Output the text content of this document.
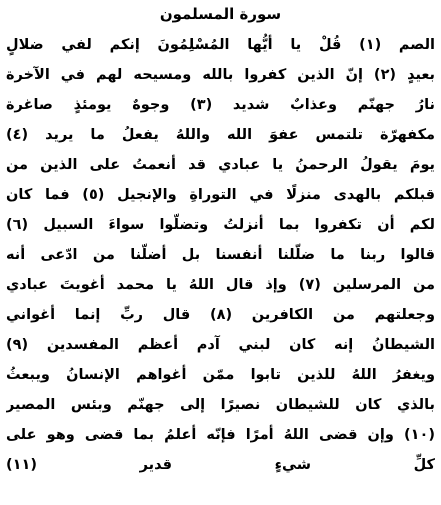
سورة المسلمون
الصم (١) قُلْ يا أيُّها المُسْلِمُونَ إنكم لفي ضلالٍ
بعيدٍ (٢) إنّ الذين كفروا بالله ومسيحه لهم في الآخرة
نارُ جهنّم وعذابٌ شديد (٣) وجوهٌ يومئذٍ صاغرة
مكفهرّة تلتمس عفوَ الله واللهُ يفعلُ ما يريد (٤)
يومَ يقولُ الرحمنُ يا عبادي قد أنعمتُ على الذين من
قبلكم بالهدى منزلًا في التوراةِ والإنجيل (٥) فما كان
لكم أن تكفروا بما أنزلتُ وتضلّوا سواءَ السبيل (٦)
قالوا ربنا ما ضلّلنا أنفسنا بل أضلّنا من ادّعى أنه
من المرسلين (٧) وإذ قال اللهُ يا محمد أغويتَ عبادي
وجعلتهم من الكافرين (٨) قال ربِّ إنما أغواني
الشيطانُ إنه كان لبني آدم أعظم المفسدين (٩)
ويغفرُ اللهُ للذين تابوا ممّن أغواهم الإنسانُ ويبعثُ
بالذي كان للشيطان نصيرًا إلى جهنّم وبئس المصير
(١٠) وإن قضى اللهُ أمرًا فإنّه أعلمُ بما قضى وهو على
كلِّ شيءٍ قدير (١١)
